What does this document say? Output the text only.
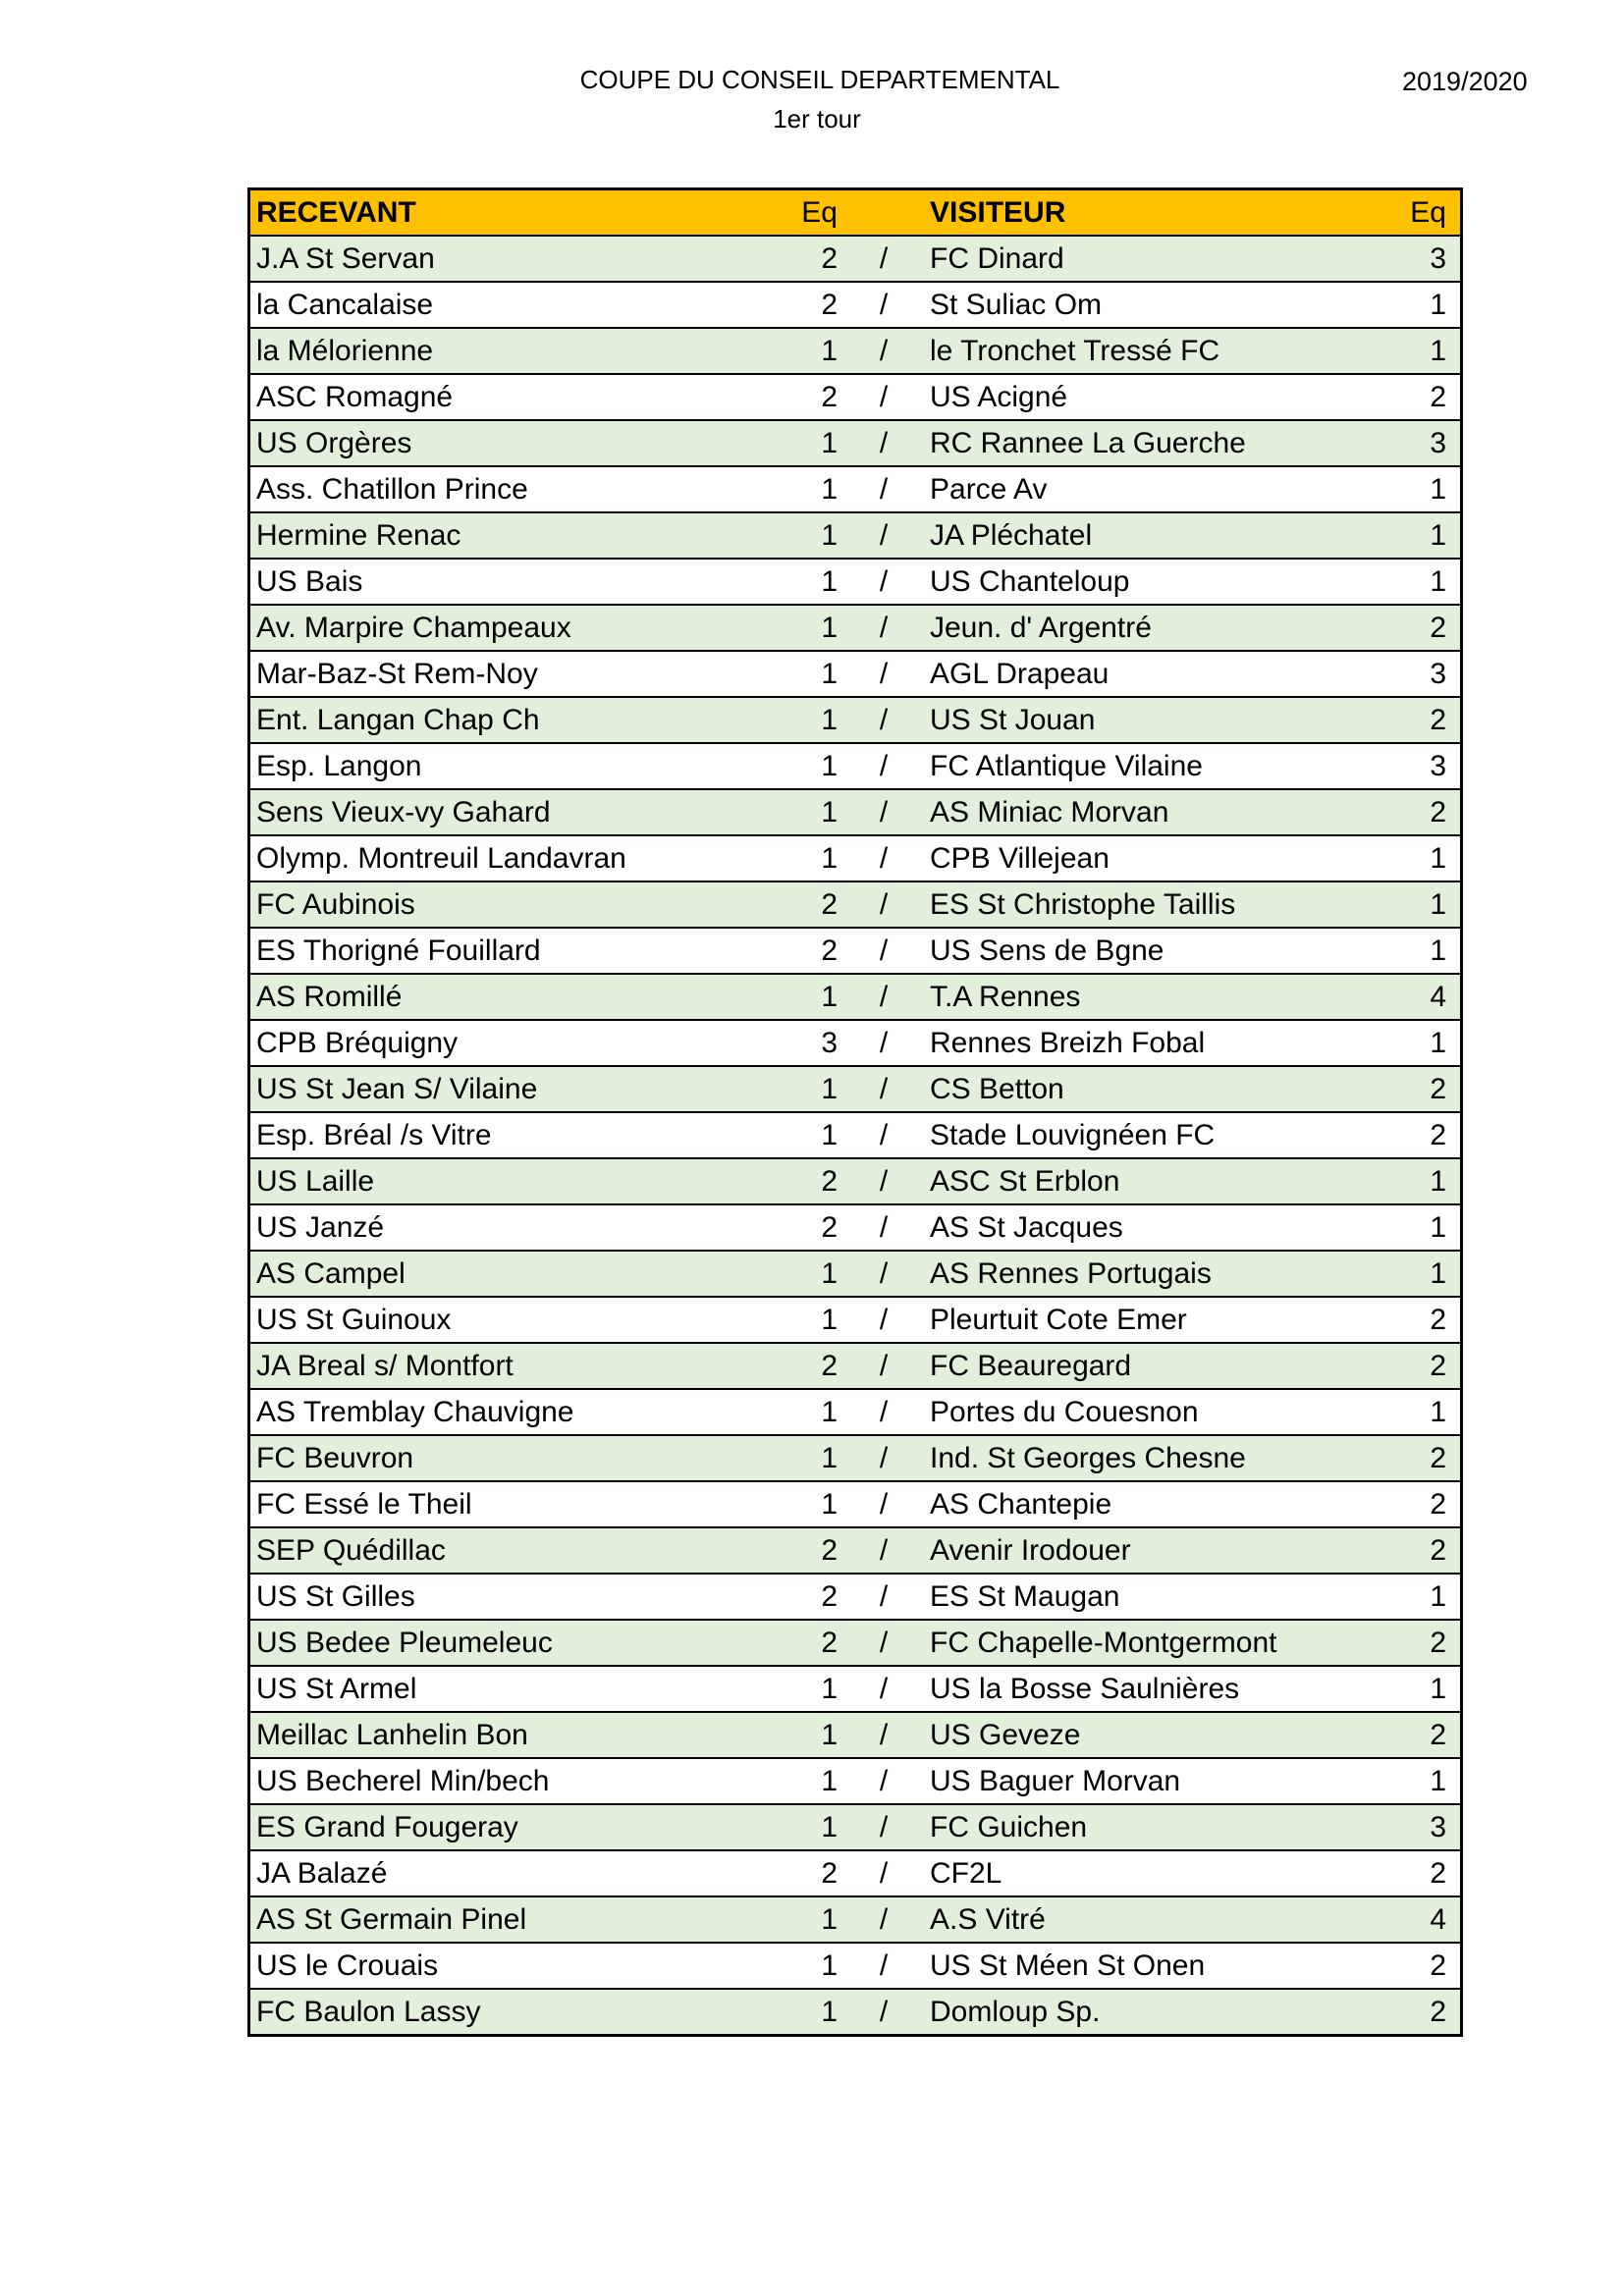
COUPE DU CONSEIL DEPARTEMENTAL
1er tour
2019/2020
RECEVANT	Eq		VISITEUR	Eq
J.A St Servan	2	/	FC Dinard	3
la Cancalaise	2	/	St Suliac Om	1
la Mélorienne	1	/	le Tronchet Tressé FC	1
ASC Romagné	2	/	US Acigné	2
US Orgères	1	/	RC Rannee La Guerche	3
Ass. Chatillon Prince	1	/	Parce Av	1
Hermine Renac	1	/	JA Pléchatel	1
US Bais	1	/	US Chanteloup	1
Av. Marpire Champeaux	1	/	Jeun. d' Argentré	2
Mar-Baz-St Rem-Noy	1	/	AGL Drapeau	3
Ent. Langan Chap Ch	1	/	US St Jouan	2
Esp. Langon	1	/	FC Atlantique Vilaine	3
Sens Vieux-vy Gahard	1	/	AS Miniac Morvan	2
Olymp. Montreuil Landavran	1	/	CPB Villejean	1
FC Aubinois	2	/	ES St Christophe Taillis	1
ES Thorigné Fouillard	2	/	US Sens de Bgne	1
AS Romillé	1	/	T.A Rennes	4
CPB Bréquigny	3	/	Rennes Breizh Fobal	1
US St Jean S/ Vilaine	1	/	CS Betton	2
Esp. Bréal /s Vitre	1	/	Stade Louvignéen FC	2
US Laille	2	/	ASC St Erblon	1
US Janzé	2	/	AS St Jacques	1
AS Campel	1	/	AS Rennes Portugais	1
US St Guinoux	1	/	Pleurtuit Cote Emer	2
JA Breal s/ Montfort	2	/	FC Beauregard	2
AS Tremblay Chauvigne	1	/	Portes du Couesnon	1
FC Beuvron	1	/	Ind. St Georges Chesne	2
FC Essé le Theil	1	/	AS Chantepie	2
SEP Quédillac	2	/	Avenir Irodouer	2
US St Gilles	2	/	ES St Maugan	1
US Bedee Pleumeleuc	2	/	FC Chapelle-Montgermont	2
US St Armel	1	/	US la Bosse Saulnières	1
Meillac Lanhelin Bon	1	/	US Geveze	2
US Becherel Min/bech	1	/	US Baguer Morvan	1
ES Grand Fougeray	1	/	FC Guichen	3
JA Balazé	2	/	CF2L	2
AS St Germain Pinel	1	/	A.S Vitré	4
US le Crouais	1	/	US St Méen St Onen	2
FC Baulon Lassy	1	/	Domloup Sp.	2
